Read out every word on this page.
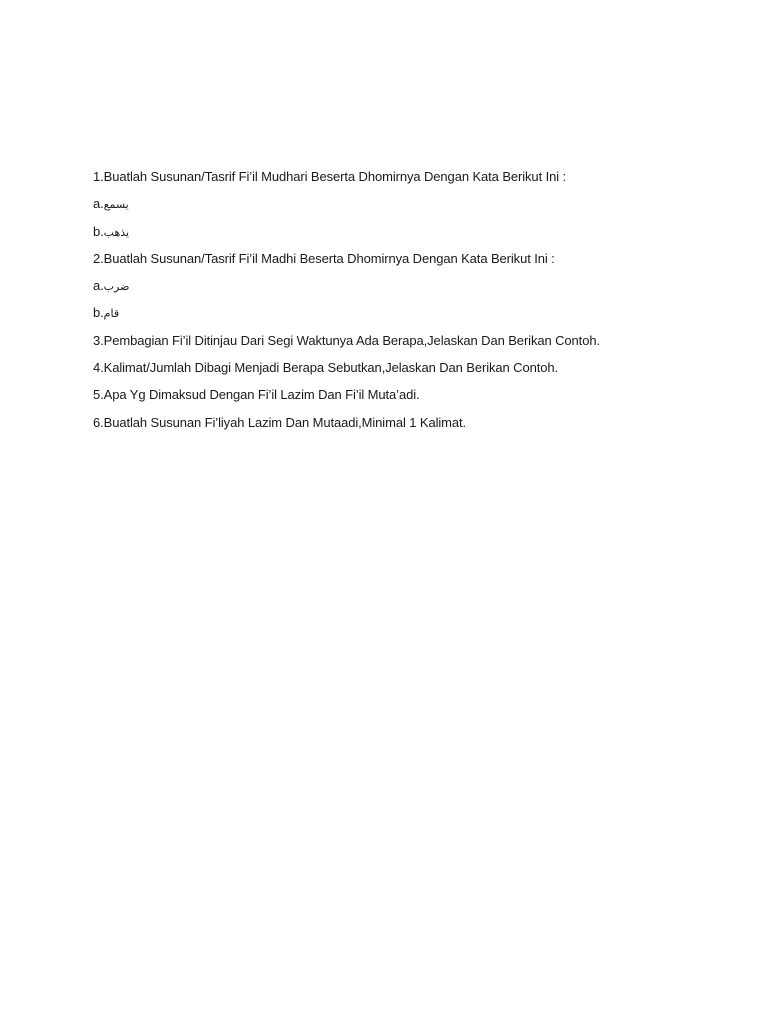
1.Buatlah Susunan/Tasrif Fi’il Mudhari Beserta Dhomirnya Dengan Kata Berikut Ini :
a.يسمع
b.يذهب
2.Buatlah Susunan/Tasrif Fi’il Madhi Beserta Dhomirnya Dengan Kata Berikut Ini :
a.ضرب
b.قام
3.Pembagian Fi’il Ditinjau Dari Segi Waktunya Ada Berapa,Jelaskan Dan Berikan Contoh.
4.Kalimat/Jumlah Dibagi Menjadi Berapa Sebutkan,Jelaskan Dan Berikan Contoh.
5.Apa Yg Dimaksud Dengan Fi’il Lazim Dan Fi’il Muta’adi.
6.Buatlah Susunan Fi’liyah Lazim Dan Mutaadi,Minimal 1 Kalimat.
